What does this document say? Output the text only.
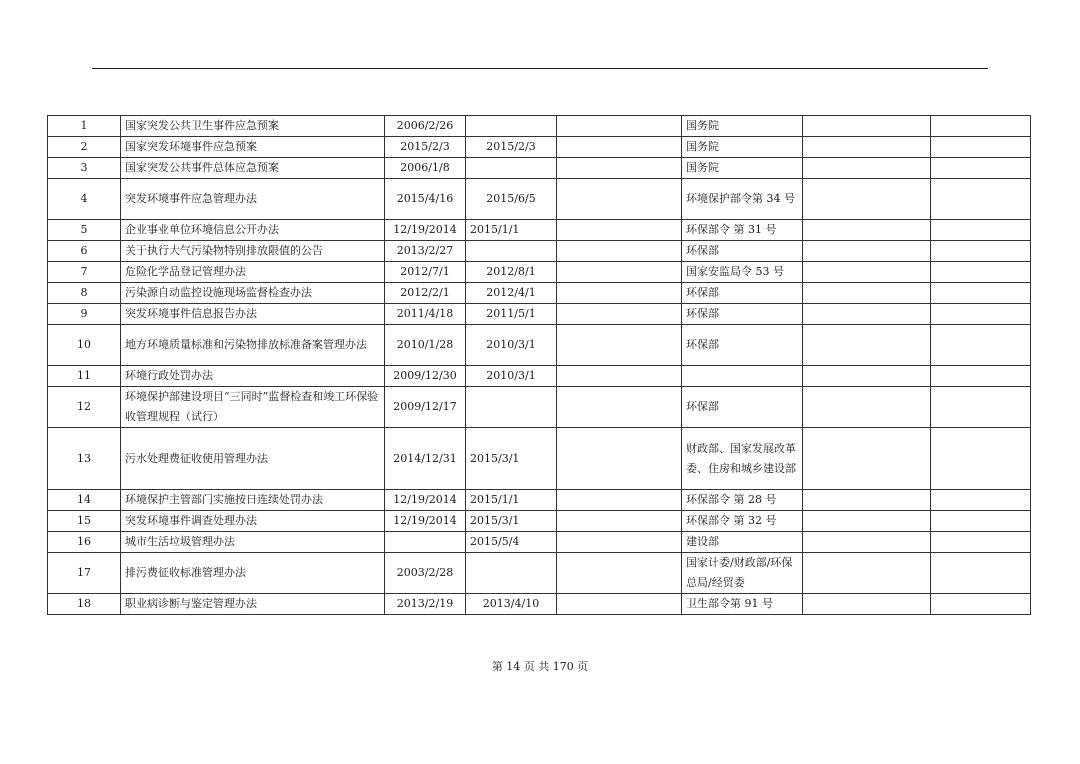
1	国家突发公共卫生事件应急预案	2006/2/26			国务院		
2	国家突发环境事件应急预案	2015/2/3	2015/2/3		国务院		
3	国家突发公共事件总体应急预案	2006/1/8			国务院		
4	突发环境事件应急管理办法	2015/4/16	2015/6/5		环境保护部令第 34 号		
5	企业事业单位环境信息公开办法	12/19/2014	2015/1/1		环保部令 第 31 号		
6	关于执行大气污染物特别排放限值的公告	2013/2/27			环保部		
7	危险化学品登记管理办法	2012/7/1	2012/8/1		国家安监局令 53 号		
8	污染源自动监控设施现场监督检查办法	2012/2/1	2012/4/1		环保部		
9	突发环境事件信息报告办法	2011/4/18	2011/5/1		环保部		
10	地方环境质量标准和污染物排放标准备案管理办法	2010/1/28	2010/3/1		环保部		
11	环境行政处罚办法	2009/12/30	2010/3/1				
12	环境保护部建设项目“三同时”监督检查和竣工环保验收管理规程（试行）	2009/12/17			环保部		
13	污水处理费征收使用管理办法	2014/12/31	2015/3/1		财政部、国家发展改革委、住房和城乡建设部		
14	环境保护主管部门实施按日连续处罚办法	12/19/2014	2015/1/1		环保部令 第 28 号		
15	突发环境事件调查处理办法	12/19/2014	2015/3/1		环保部令 第 32 号		
16	城市生活垃圾管理办法		2015/5/4		建设部		
17	排污费征收标准管理办法	2003/2/28			国家计委/财政部/环保总局/经贸委		
18	职业病诊断与鉴定管理办法	2013/2/19	2013/4/10		卫生部令第 91 号		
第 14 页 共 170 页
